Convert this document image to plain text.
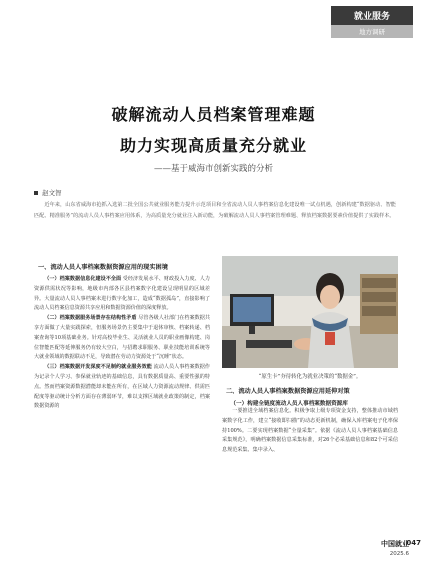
就业服务
地方调研
破解流动人员档案管理难题
助力实现高质量充分就业
——基于威海市创新实践的分析
赵文智
近年来，山东省威海市抢抓入选第二批全国公共就业服务能力提升示范项目和全省流动人员人事档案信息化建设唯一试点机遇，创新构建“数据驱动、智能匹配、精准服务”的流动人员人事档案应用体系，为高质量充分就业注入新动能，为破解流动人员人事档案管理难题、释放档案数据要素价值提供了实践样本。
一、流动人员人事档案数据资源应用的现实困境

（一）档案数据信息化建设不全面 受经济发展水平、财政投入力度、人力资源供需状况等影响，地级市内部各区县档案数字化建设呈现明显的区域差异。大量流动人员人事档案未进行数字化加工，造成“数据孤岛”，直接影响了流动人员档案信息资源共享应用和数据资源价值的深度释放。

（二）档案数据服务场景存在结构性矛盾 尽管各级人社部门在档案数据共享方面做了大量实践探索，但服务场景仍主要集中于退休审核、档案转递、档案查询等10项基础业务。针对高校毕业生、灵活就业人员的职业画像构建、岗位智能匹配等延伸服务仍有较大空白，与招聘求职服务、职业技能培训系统等大就业领域的数据联动不足，导致潜在劳动力资源处于“沉睡”状态。

（三）档案数据开发深度不足制约就业服务效能 流动人员人事档案数据作为记录个人学习、参保就业轨迹的基础信息，具有数据质量高、重要性强的特点。然而档案资源数据潜能却未能在所有，在区域人力资源流动规律、供需匹配度等驱动统计分析方面存在薄弱环节，难以支撑区域就业政策的制定，档案数据资源的

“原生卡”夯待转化为就业决策的“数据金”。
二、流动人员人事档案数据资源应用延伸对策
（一）构建全链度流动人员人事档案数据资源库

一要推进全域档案信息化。积极争取上级专项资金支持，整体推动市域档案数字化工作，建立“接收即扫描”的动态更新机制，确保入库档案电子化率保持100%。二要实现档案数据“全量采集”。依据《流动人员人事档案基础信息采集规范》，明确档案数据信息采集标准，对26个必采基础信息和82个可采信息规范采集、集中录入、

中国就业
2025.6
047
